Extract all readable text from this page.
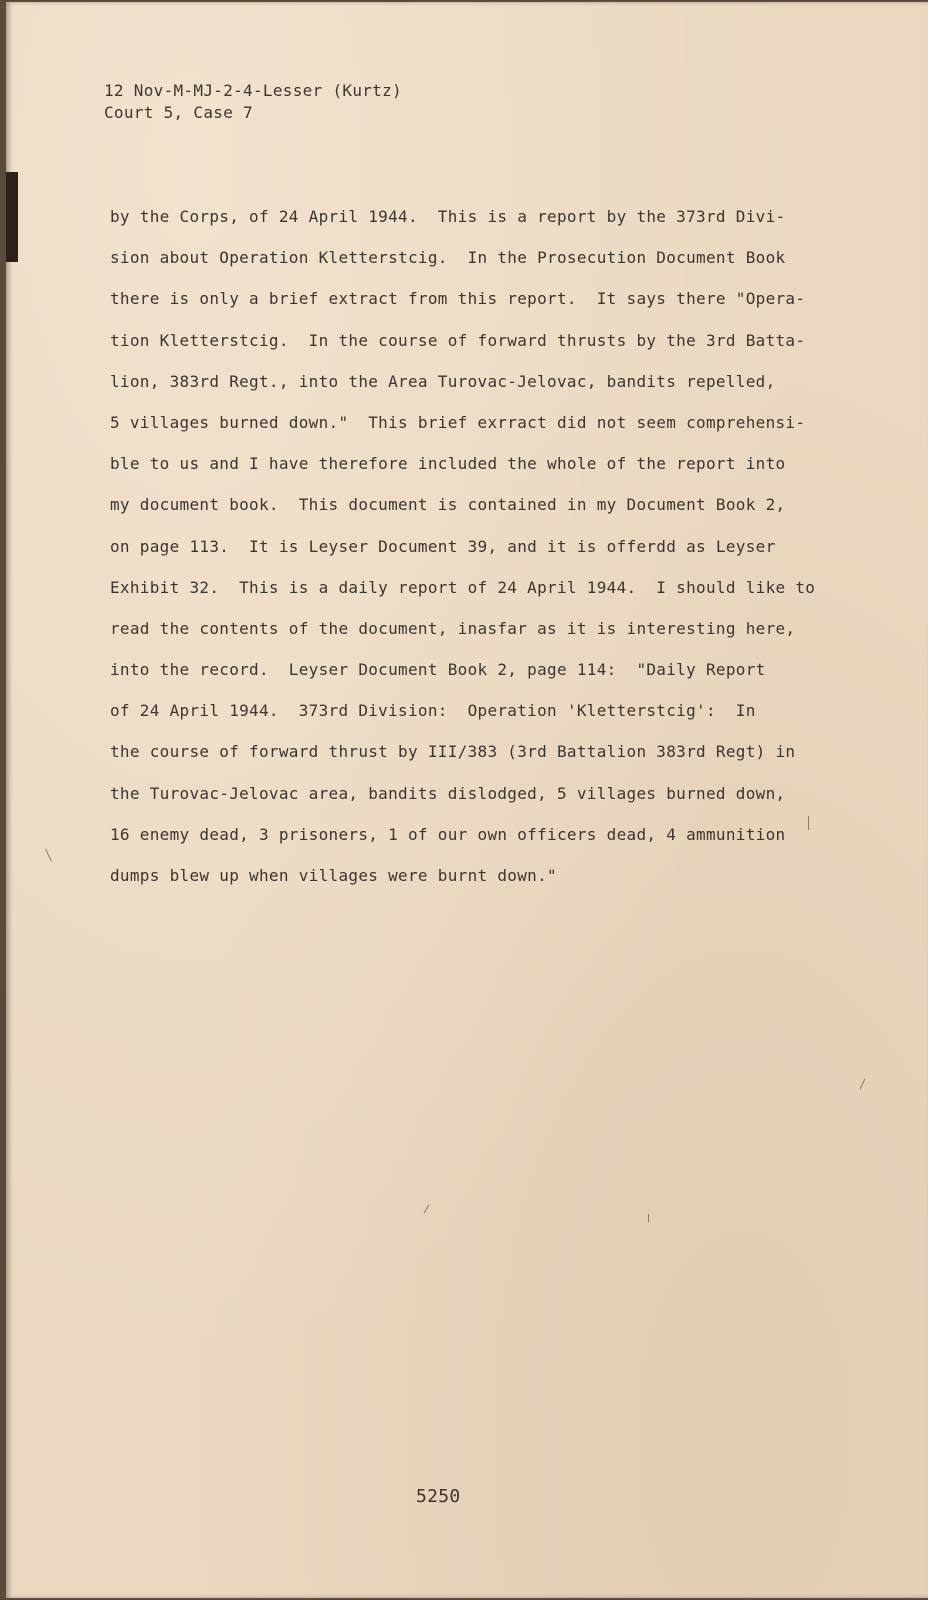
12 Nov-M-MJ-2-4-Lesser (Kurtz)
Court 5, Case 7
by the Corps, of 24 April 1944.  This is a report by the 373rd Divi-
sion about Operation Kletterstcig.  In the Prosecution Document Book
there is only a brief extract from this report.  It says there "Opera-
tion Kletterstcig.  In the course of forward thrusts by the 3rd Batta-
lion, 383rd Regt., into the Area Turovac-Jelovac, bandits repelled,
5 villages burned down."  This brief exrract did not seem comprehensi-
ble to us and I have therefore included the whole of the report into
my document book.  This document is contained in my Document Book 2,
on page 113.  It is Leyser Document 39, and it is offerdd as Leyser
Exhibit 32.  This is a daily report of 24 April 1944.  I should like to
read the contents of the document, inasfar as it is interesting here,
into the record.  Leyser Document Book 2, page 114:  "Daily Report
of 24 April 1944.  373rd Division:  Operation 'Kletterstcig':  In
the course of forward thrust by III/383 (3rd Battalion 383rd Regt) in
the Turovac-Jelovac area, bandits dislodged, 5 villages burned down,
16 enemy dead, 3 prisoners, 1 of our own officers dead, 4 ammunition
dumps blew up when villages were burnt down."
5250
